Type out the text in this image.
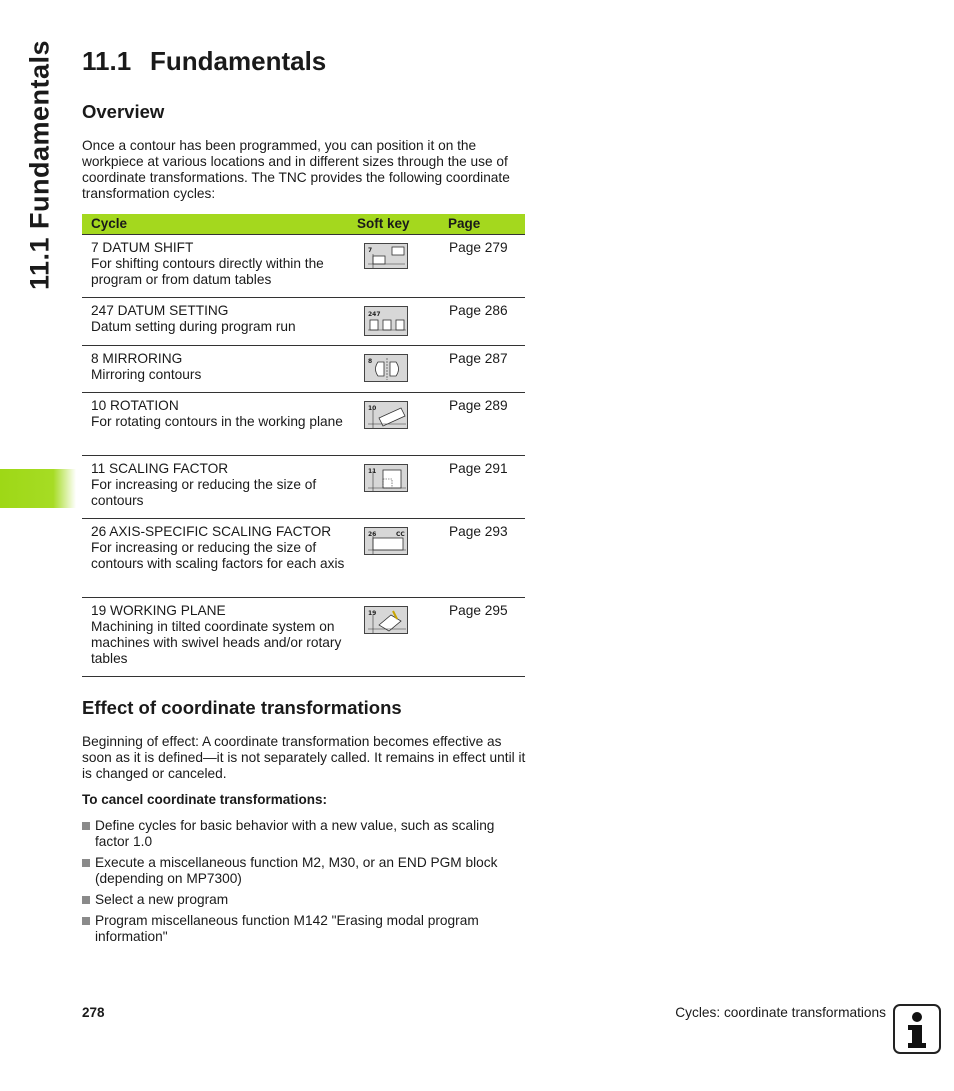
11.1 Fundamentals 11.1 Fundamentals
Overview

Once a contour has been programmed, you can position it on the workpiece at various locations and in different sizes through the use of coordinate transformations. The TNC provides the following coordinate transformation cycles:

Cycle	Soft key	Page

7 DATUM SHIFT
For shifting contours directly within the program or from datum tables	7	Page 279

247 DATUM SETTING
Datum setting during program run	247	Page 286

8 MIRRORING
Mirroring contours	8	Page 287

10 ROTATION
For rotating contours in the working plane	10	Page 289

11 SCALING FACTOR
For increasing or reducing the size of contours	11	Page 291

26 AXIS-SPECIFIC SCALING FACTOR
For increasing or reducing the size of contours with scaling factors for each axis	26 CC	Page 293

19 WORKING PLANE
Machining in tilted coordinate system on machines with swivel heads and/or rotary tables	19	Page 295
Effect of coordinate transformations

Beginning of effect: A coordinate transformation becomes effective as soon as it is defined—it is not separately called. It remains in effect until it is changed or canceled.

To cancel coordinate transformations:

Define cycles for basic behavior with a new value, such as scaling factor 1.0
Execute a miscellaneous function M2, M30, or an END PGM block (depending on MP7300)
Select a new program
Program miscellaneous function M142 "Erasing modal program information"
278	Cycles: coordinate transformations
